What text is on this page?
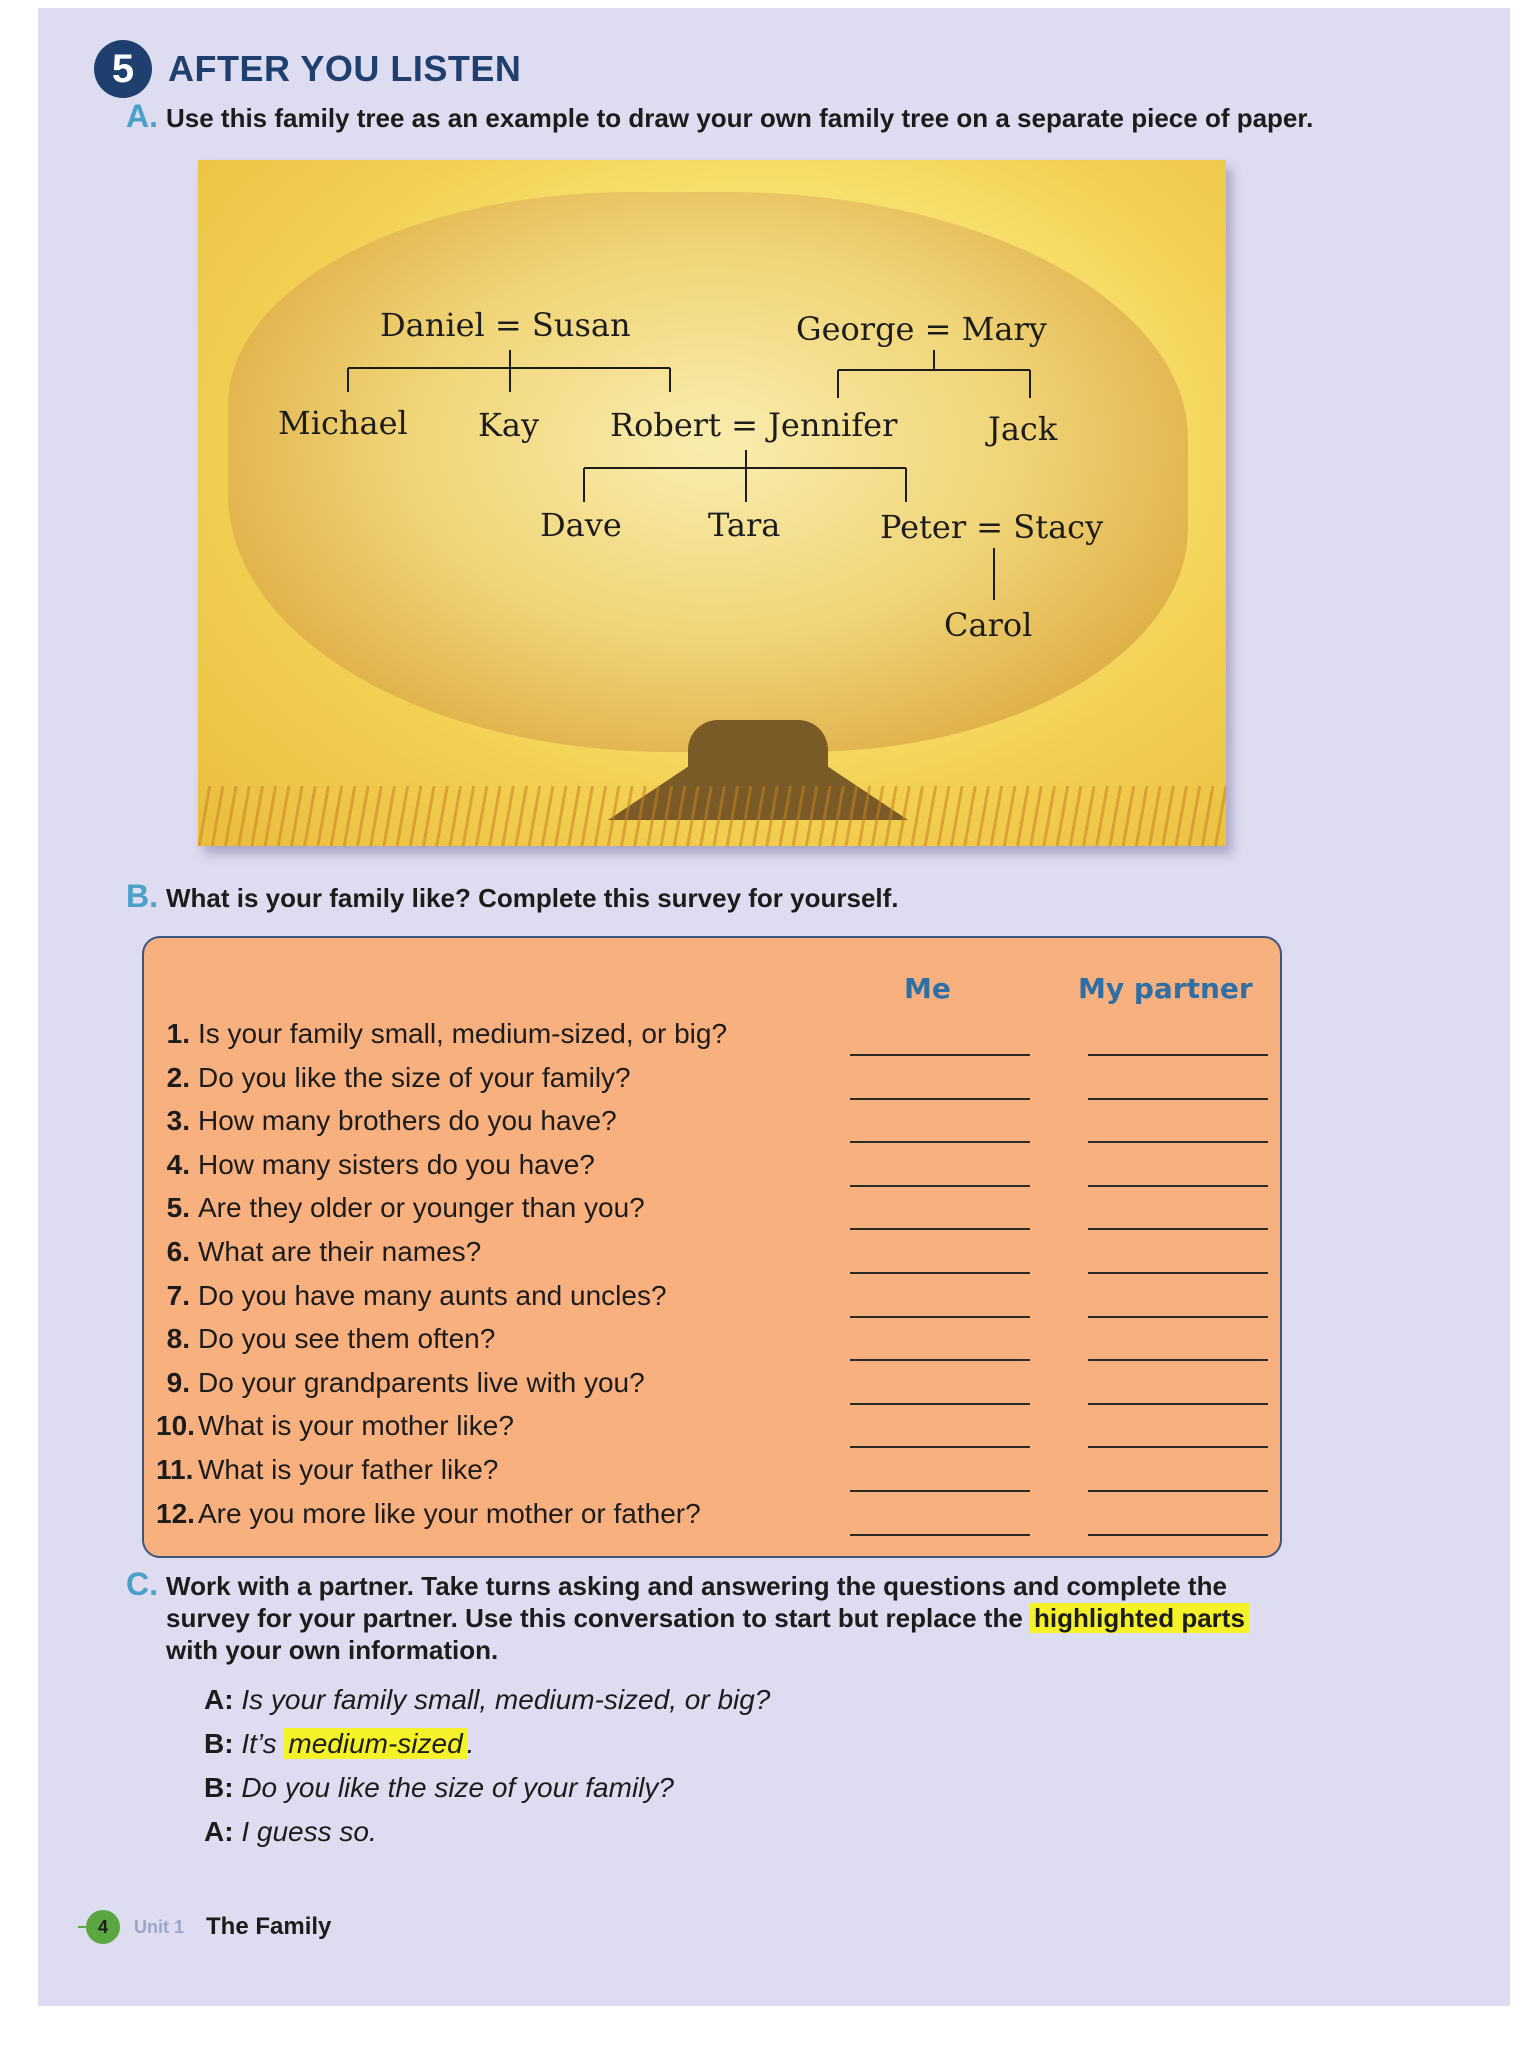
5 AFTER YOU LISTEN
A. Use this family tree as an example to draw your own family tree on a separate piece of paper.
Daniel = Susan	George = Mary
Michael Kay Robert = Jennifer	Jack
Dave	Tara	Peter = Stacy
Carol
B. What is your family like? Complete this survey for yourself.
Me	My partner
1. Is your family small, medium-sized, or big?
2. Do you like the size of your family?
3. How many brothers do you have?
4. How many sisters do you have?
5. Are they older or younger than you?
6. What are their names?
7. Do you have many aunts and uncles?
8. Do you see them often?
9. Do your grandparents live with you?
10. What is your mother like?
11. What is your father like?
12. Are you more like your mother or father?
C. Work with a partner. Take turns asking and answering the questions and complete the
survey for your partner. Use this conversation to start but replace the highlighted parts
with your own information.
A: Is your family small, medium-sized, or big?
B: It’s medium-sized .
B: Do you like the size of your family?
A: I guess so.
4	Unit 1 The Family
